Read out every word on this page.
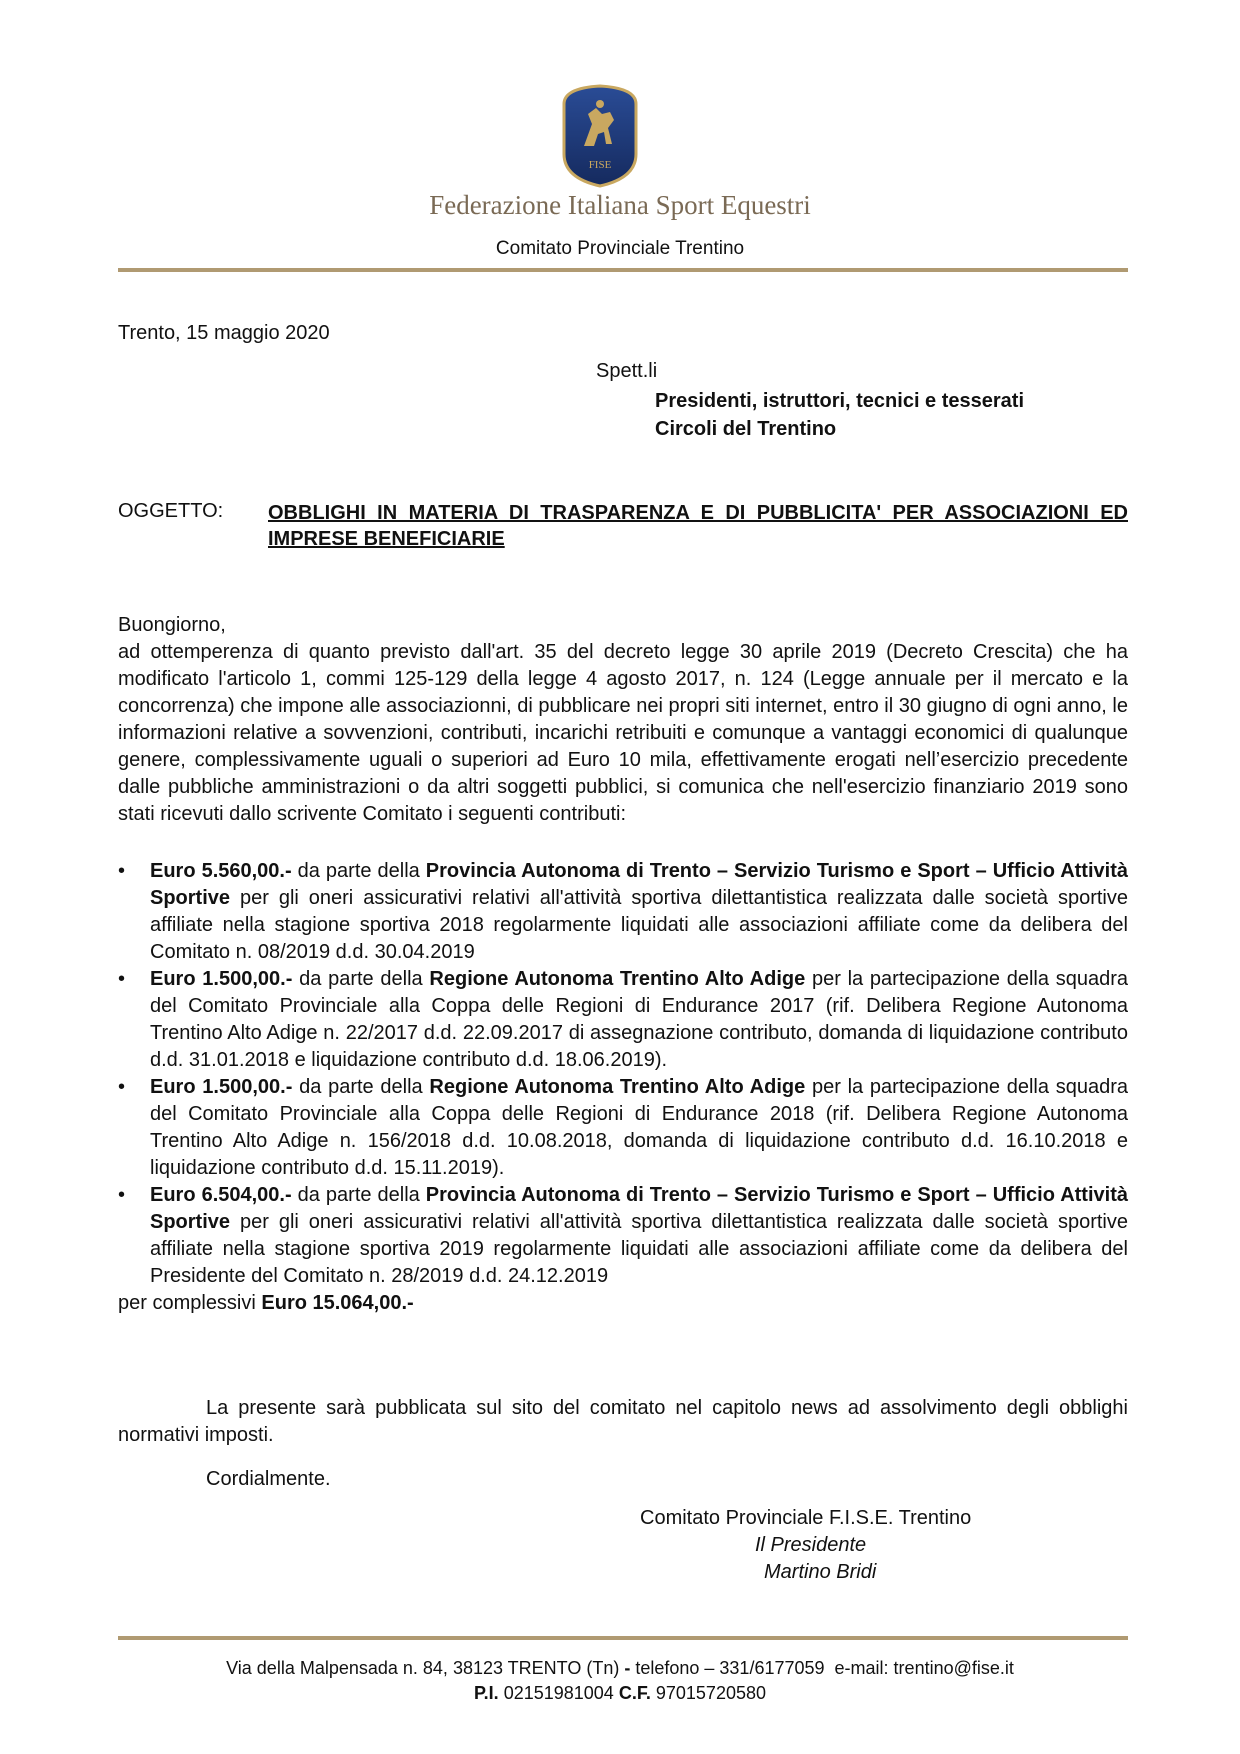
FISE
Federazione Italiana Sport Equestri
Comitato Provinciale Trentino
Trento, 15 maggio 2020
Spett.li
Presidenti, istruttori, tecnici e tesserati
Circoli del Trentino
OGGETTO: OBBLIGHI IN MATERIA DI TRASPARENZA E DI PUBBLICITA' PER ASSOCIAZIONI ED IMPRESE BENEFICIARIE
Buongiorno,
ad ottemperenza di quanto previsto dall'art. 35 del decreto legge 30 aprile 2019 (Decreto Crescita) che ha modificato l'articolo 1, commi 125-129 della legge 4 agosto 2017, n. 124 (Legge annuale per il mercato e la concorrenza) che impone alle associazionni, di pubblicare nei propri siti internet, entro il 30 giugno di ogni anno, le informazioni relative a sovvenzioni, contributi, incarichi retribuiti e comunque a vantaggi economici di qualunque genere, complessivamente uguali o superiori ad Euro 10 mila, effettivamente erogati nell’esercizio precedente dalle pubbliche amministrazioni o da altri soggetti pubblici, si comunica che nell'esercizio finanziario 2019 sono stati ricevuti dallo scrivente Comitato i seguenti contributi:

• Euro 5.560,00.- da parte della Provincia Autonoma di Trento – Servizio Turismo e Sport – Ufficio Attività Sportive per gli oneri assicurativi relativi all'attività sportiva dilettantistica realizzata dalle società sportive affiliate nella stagione sportiva 2018 regolarmente liquidati alle associazioni affiliate come da delibera del Comitato n. 08/2019 d.d. 30.04.2019

• Euro 1.500,00.- da parte della Regione Autonoma Trentino Alto Adige per la partecipazione della squadra del Comitato Provinciale alla Coppa delle Regioni di Endurance 2017 (rif. Delibera Regione Autonoma Trentino Alto Adige n. 22/2017 d.d. 22.09.2017 di assegnazione contributo, domanda di liquidazione contributo d.d. 31.01.2018 e liquidazione contributo d.d. 18.06.2019).

• Euro 1.500,00.- da parte della Regione Autonoma Trentino Alto Adige per la partecipazione della squadra del Comitato Provinciale alla Coppa delle Regioni di Endurance 2018 (rif. Delibera Regione Autonoma Trentino Alto Adige n. 156/2018 d.d. 10.08.2018, domanda di liquidazione contributo d.d. 16.10.2018 e liquidazione contributo d.d. 15.11.2019).

• Euro 6.504,00.- da parte della Provincia Autonoma di Trento – Servizio Turismo e Sport – Ufficio Attività Sportive per gli oneri assicurativi relativi all'attività sportiva dilettantistica realizzata dalle società sportive affiliate nella stagione sportiva 2019 regolarmente liquidati alle associazioni affiliate come da delibera del Presidente del Comitato n. 28/2019 d.d. 24.12.2019

per complessivi Euro 15.064,00.-

La presente sarà pubblicata sul sito del comitato nel capitolo news ad assolvimento degli obblighi normativi imposti.
Cordialmente.
Comitato Provinciale F.I.S.E. Trentino
Il Presidente
Martino Bridi
Via della Malpensada n. 84, 38123 TRENTO (Tn) - telefono – 331/6177059 e-mail: trentino@fise.it
P.I. 02151981004 C.F. 97015720580
